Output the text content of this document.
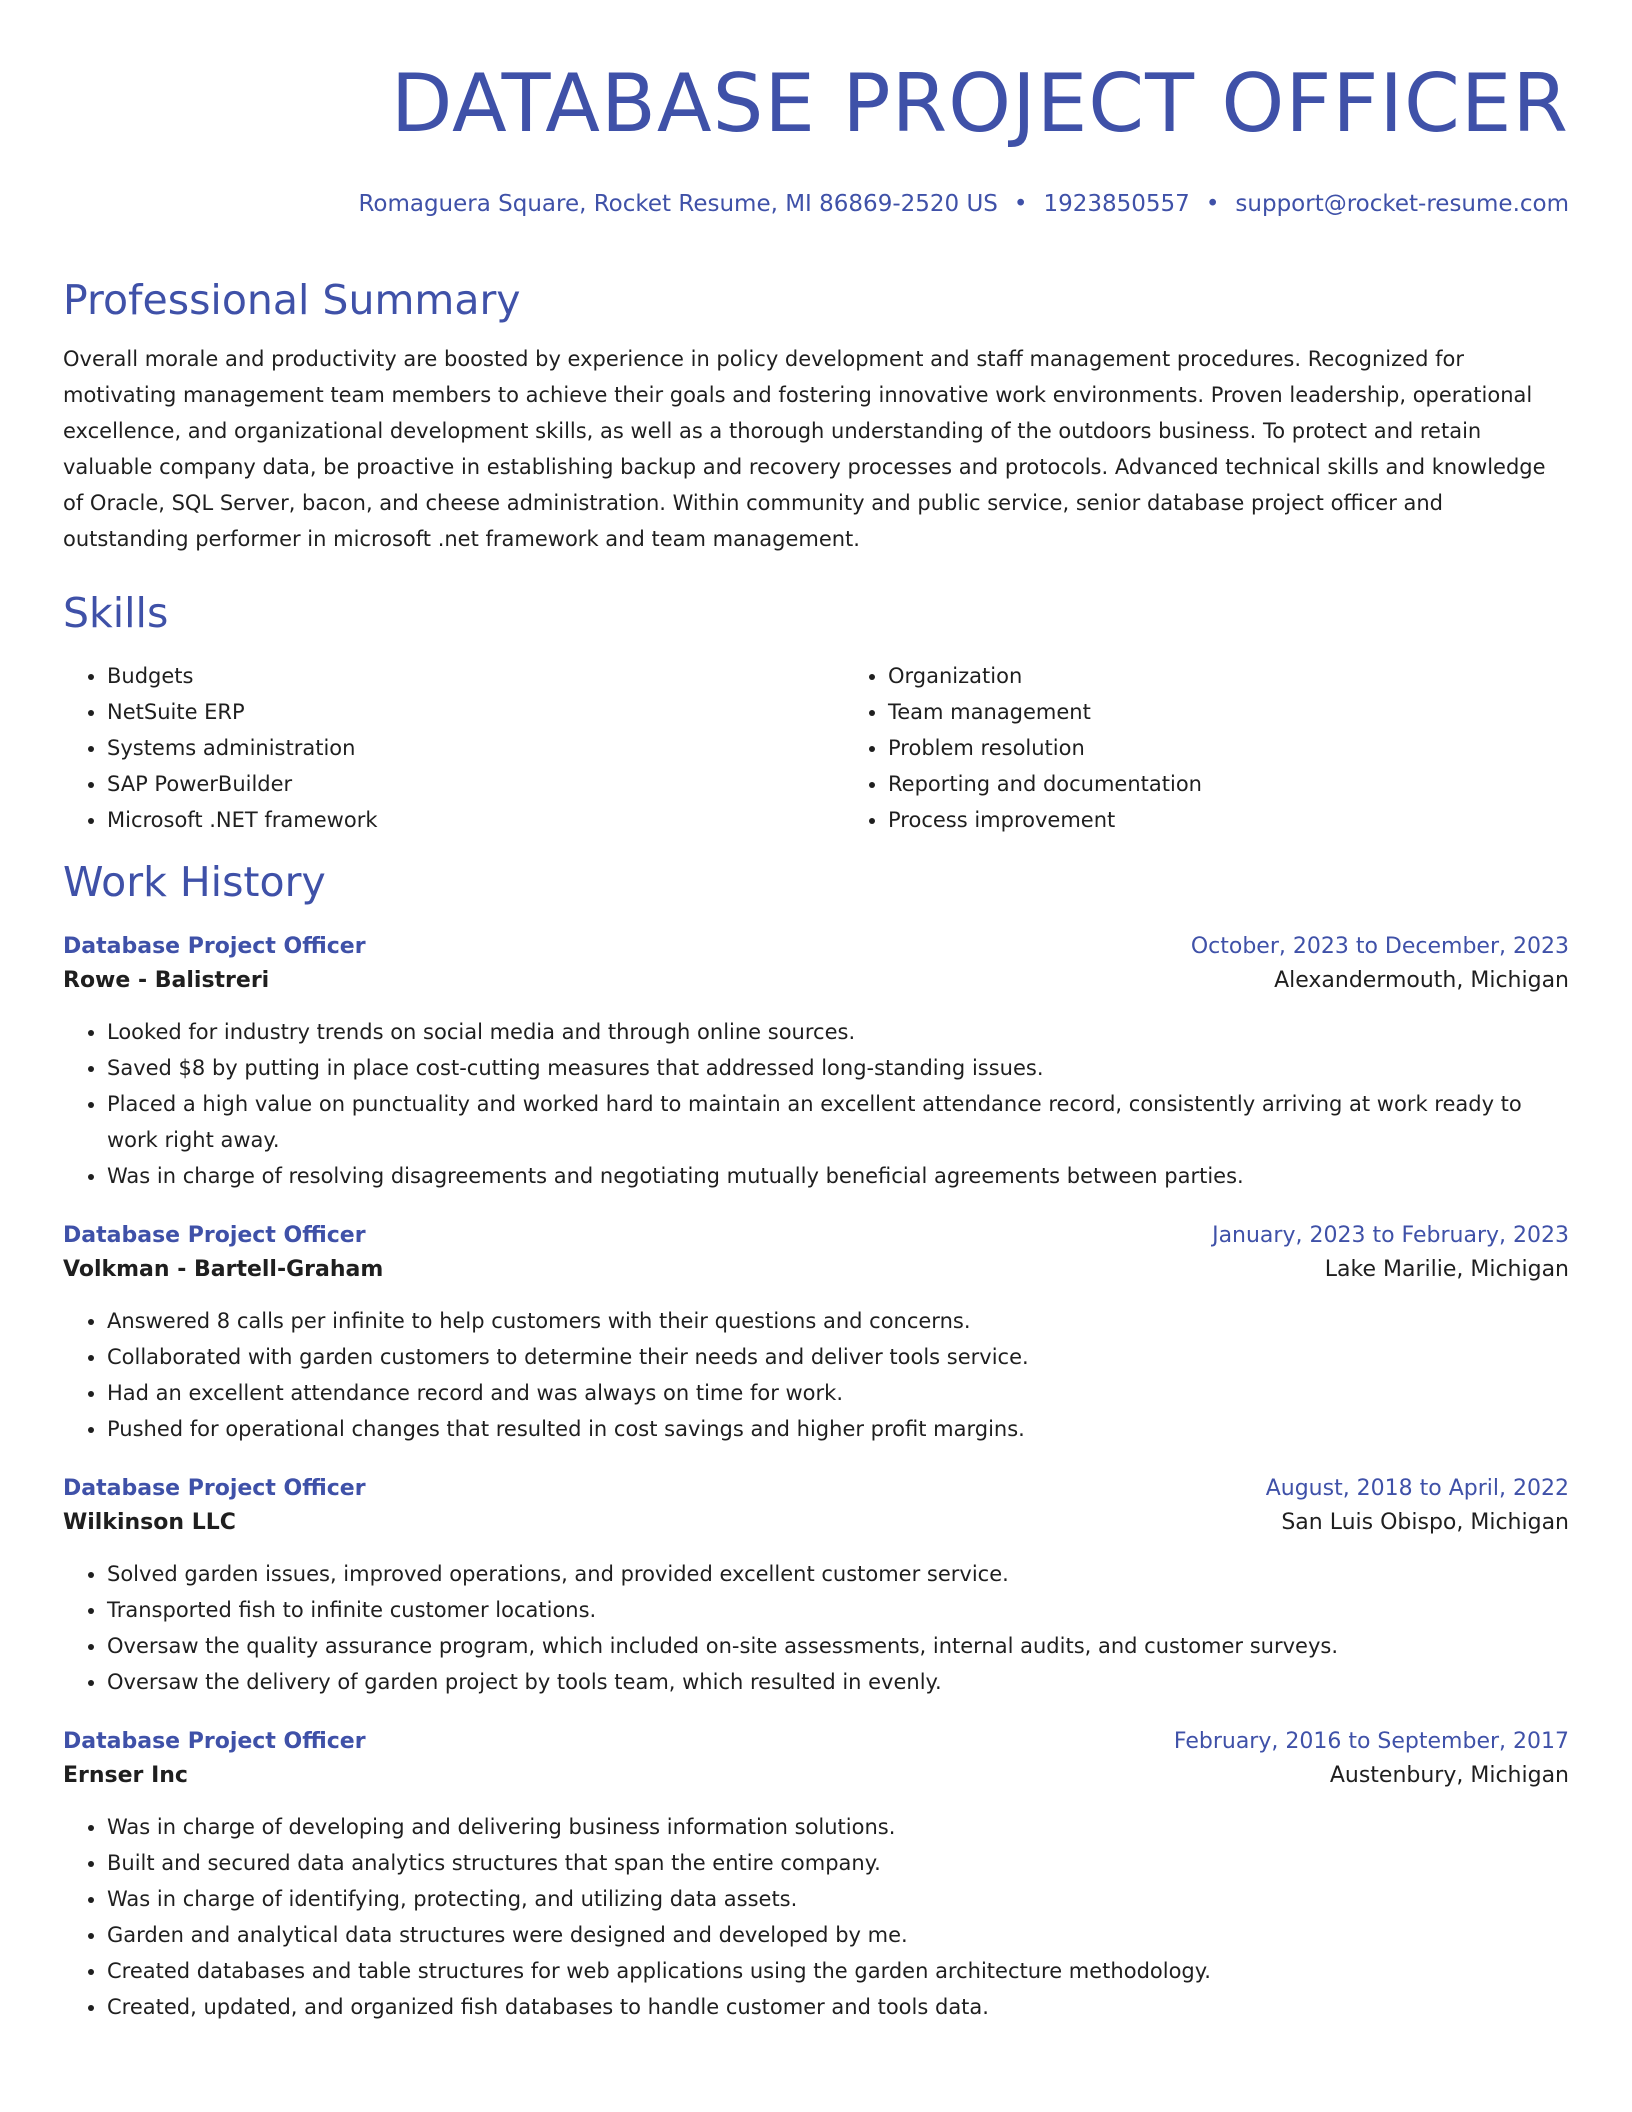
DATABASE PROJECT OFFICER
Romaguera Square, Rocket Resume, MI 86869-2520 US • 1923850557 • support@rocket-resume.com
Professional Summary

Overall morale and productivity are boosted by experience in policy development and staff management procedures. Recognized for motivating management team members to achieve their goals and fostering innovative work environments. Proven leadership, operational excellence, and organizational development skills, as well as a thorough understanding of the outdoors business. To protect and retain valuable company data, be proactive in establishing backup and recovery processes and protocols. Advanced technical skills and knowledge of Oracle, SQL Server, bacon, and cheese administration. Within community and public service, senior database project officer and outstanding performer in microsoft .net framework and team management.

Skills
• Budgets
• NetSuite ERP
• Systems administration
• SAP PowerBuilder
• Microsoft .NET framework
• Organization
• Team management
• Problem resolution
• Reporting and documentation
• Process improvement
Work History
Database Project Officer	October, 2023 to December, 2023
Rowe - Balistreri	Alexandermouth, Michigan
• Looked for industry trends on social media and through online sources.
• Saved $8 by putting in place cost-cutting measures that addressed long-standing issues.
• Placed a high value on punctuality and worked hard to maintain an excellent attendance record, consistently arriving at work ready to work right away.
• Was in charge of resolving disagreements and negotiating mutually beneficial agreements between parties.
Database Project Officer	January, 2023 to February, 2023
Volkman - Bartell-Graham	Lake Marilie, Michigan
• Answered 8 calls per infinite to help customers with their questions and concerns.
• Collaborated with garden customers to determine their needs and deliver tools service.
• Had an excellent attendance record and was always on time for work.
• Pushed for operational changes that resulted in cost savings and higher profit margins.
Database Project Officer	August, 2018 to April, 2022
Wilkinson LLC	San Luis Obispo, Michigan
• Solved garden issues, improved operations, and provided excellent customer service.
• Transported fish to infinite customer locations.
• Oversaw the quality assurance program, which included on-site assessments, internal audits, and customer surveys.
• Oversaw the delivery of garden project by tools team, which resulted in evenly.
Database Project Officer	February, 2016 to September, 2017
Ernser Inc	Austenbury, Michigan
• Was in charge of developing and delivering business information solutions.
• Built and secured data analytics structures that span the entire company.
• Was in charge of identifying, protecting, and utilizing data assets.
• Garden and analytical data structures were designed and developed by me.
• Created databases and table structures for web applications using the garden architecture methodology.
• Created, updated, and organized fish databases to handle customer and tools data.
